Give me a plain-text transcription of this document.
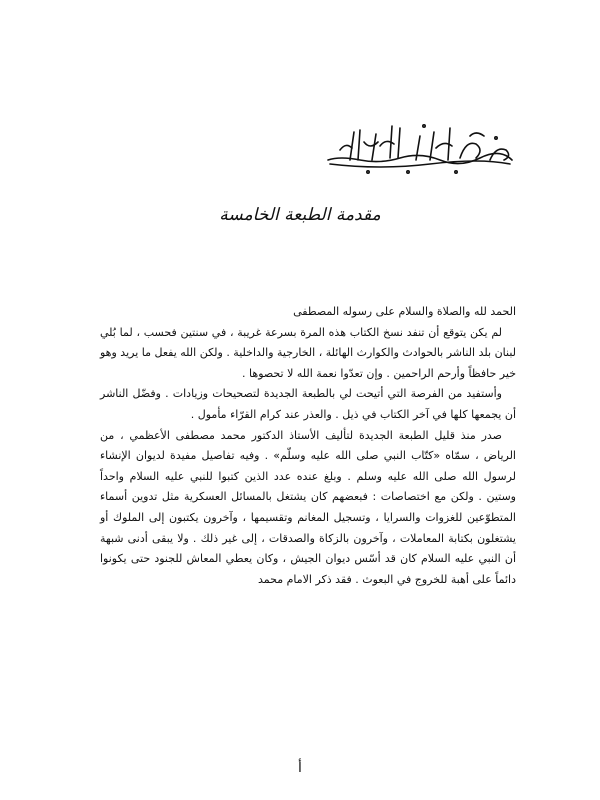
مقدمة الطبعة الخامسة

الحمد لله والصلاة والسلام على رسوله المصطفى

لم يكن يتوقع أن تنفد نسخ الكتاب هذه المرة بسرعة غريبة ، في سنتين فحسب ، لما بُلي لبنان بلد الناشر بالحوادث والكوارث الهائلة ، الخارجية والداخلية . ولكن الله يفعل ما يريد وهو خير حافظاً وأرحم الراحمين . وإن تعدّوا نعمة الله لا تحصوها .

وأستفيد من الفرصة التي أتيحت لي بالطبعة الجديدة لتصحيحات وزيادات . وفضّل الناشر أن يجمعها كلها في آخر الكتاب في ذيل . والعذر عند كرام القرّاء مأمول .

صدر منذ قليل الطبعة الجديدة لتأليف الأستاذ الدكتور محمد مصطفى الأعظمي ، من الرياض ، سمّاه «كتّاب النبي صلى الله عليه وسلّم» . وفيه تفاصيل مفيدة لديوان الإنشاء لرسول الله صلى الله عليه وسلم . وبلغ عنده عدد الذين كتبوا للنبي عليه السلام واحداً وستين . ولكن مع اختصاصات : فبعضهم كان يشتغل بالمسائل العسكرية مثل تدوين أسماء المتطوّعين للغزوات والسرايا ، وتسجيل المغانم وتقسيمها ، وآخرون يكتبون إلى الملوك أو يشتغلون بكتابة المعاملات ، وآخرون بالزكاة والصدقات ، إلى غير ذلك . ولا يبقى أدنى شبهة أن النبي عليه السلام كان قد أسّس ديوان الجيش ، وكان يعطي المعاش للجنود حتى يكونوا دائماً على أهبة للخروج في البعوث . فقد ذكر الامام محمد

أ
